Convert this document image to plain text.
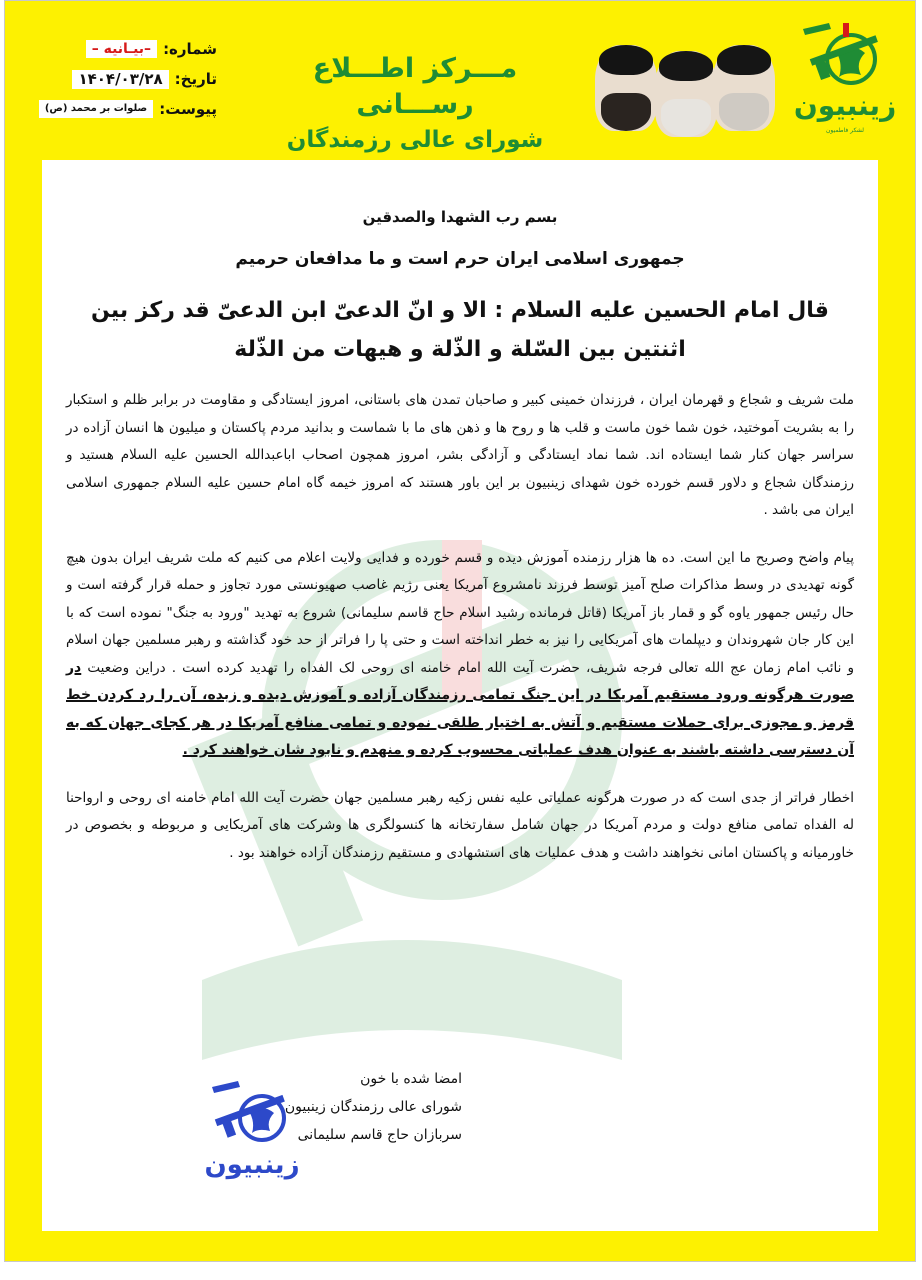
شماره:
–بیـانیه –
تاریخ:
۱۴۰۴/۰۳/۲۸
پیوست:
صلوات بر محمد (ص)
مـــرکز اطـــلاع رســـانی
شورای عالی رزمندگان
زینبیون
لشکر فاطمیون
بسم رب الشهدا والصدقین
جمهوری اسلامی ایران حرم است و ما مدافعان حرمیم
قال امام الحسین علیه السلام : الا و انّ الدعیّ ابن الدعیّ قد رکز بین اثنتین بین السّلة و الذّلة و هیهات من الذّلة

ملت شریف و شجاع و قهرمان ایران ، فرزندان خمینی کبیر و صاحبان تمدن های باستانی، امروز ایستادگی و مقاومت در برابر ظلم و استکبار را به بشریت آموختید، خون شما خون ماست و قلب ها و روح ها و ذهن های ما با شماست و بدانید مردم پاکستان و میلیون ها انسان آزاده در سراسر جهان کنار شما ایستاده اند. شما نماد ایستادگی و آزادگی بشر، امروز همچون اصحاب اباعبدالله الحسین علیه السلام هستید و رزمندگان شجاع و دلاور قسم خورده خون شهدای زینبیون بر این باور هستند که امروز خیمه گاه امام حسین علیه السلام جمهوری اسلامی ایران می باشد .

پیام واضح وصریح ما این است. ده ها هزار رزمنده آموزش دیده و قسم خورده و فدایی ولایت اعلام می کنیم که ملت شریف ایران بدون هیچ گونه تهدیدی در وسط مذاکرات صلح آمیز توسط فرزند نامشروع آمریکا یعنی رژیم غاصب صهیونستی مورد تجاوز و حمله قرار گرفته است و حال رئیس جمهور یاوه گو و قمار باز آمریکا (قاتل فرمانده رشید اسلام حاج قاسم سلیمانی) شروع به تهدید "ورود به جنگ" نموده است که با این کار جان شهروندان و دیپلمات های آمریکایی را نیز به خطر انداخته است و حتی پا را فراتر از حد خود گذاشته و رهبر مسلمین جهان اسلام و نائب امام زمان عج الله تعالی فرجه شریف، حضرت آیت الله امام خامنه ای روحی لک الفداه را تهدید کرده است . دراین وضعیت در صورت هرگونه ورود مستقیم آمریکا در این جنگ تمامی رزمندگان آزاده و آموزش دیده و زبده، آن را رد کردن خط قرمز و مجوزی برای حملات مستقیم و آتش به اختیار طلقی نموده و تمامی منافع آمریکا در هر کجای جهان که به آن دسترسی داشته باشند به عنوان هدف عملیاتی محسوب کرده و منهدم و نابود شان خواهند کرد .

اخطار فراتر از جدی است که در صورت هرگونه عملیاتی علیه نفس زکیه رهبر مسلمین جهان حضرت آیت الله امام خامنه ای روحی و ارواحنا له الفداه تمامی منافع دولت و مردم آمریکا در جهان شامل سفارتخانه ها کنسولگری ها وشرکت های آمریکایی و مربوطه و بخصوص در خاورمیانه و پاکستان امانی نخواهند داشت و هدف عملیات های استشهادی و مستقیم رزمندگان آزاده خواهند بود .

امضا شده با خون
شورای عالی رزمندگان زینبیون
سربازان حاج قاسم سلیمانی
زینبیون
